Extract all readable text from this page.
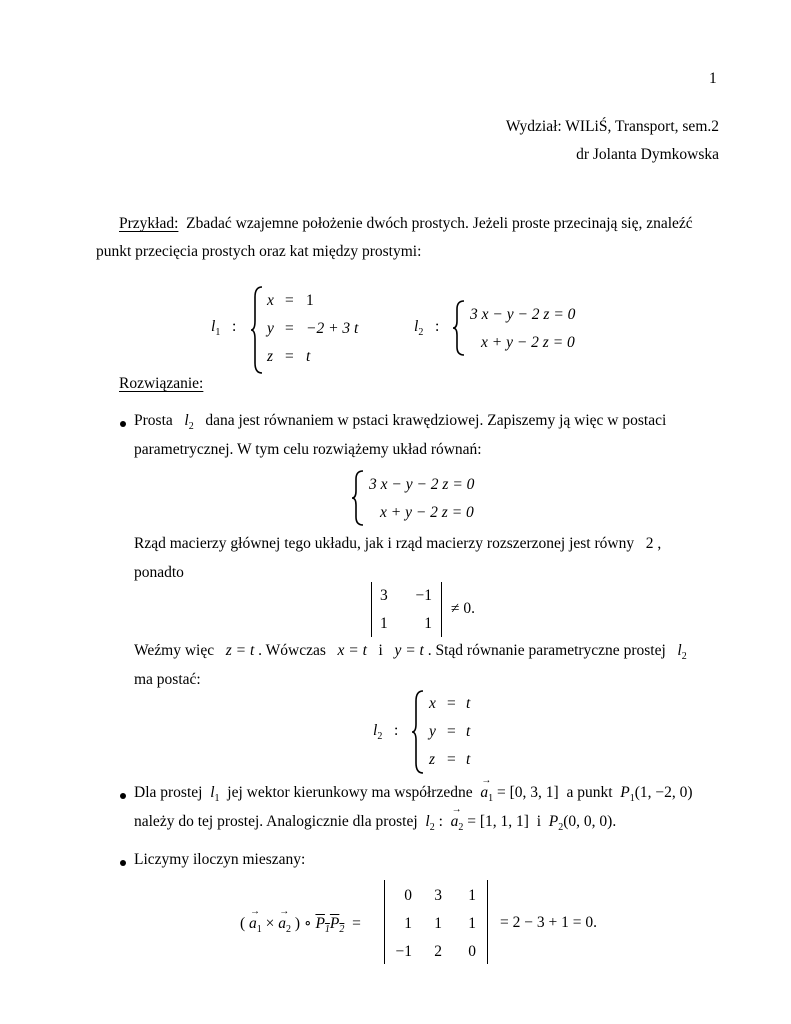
1
Wydział: WILiŚ, Transport, sem.2
dr Jolanta Dymkowska
Przykład: Zbadać wzajemne położenie dwóch prostych. Jeżeli proste przecinają się, znaleźć
punkt przecięcia prostych oraz kat między prostymi:
$l_1$ :
x = 1
y = −2 + 3 t
z = t
$l_2$ :
3 x − y − 2 z = 0
x + y − 2 z = 0
Rozwiązanie:
Prosta $l_2$ dana jest równaniem w pstaci krawędziowej. Zapiszemy ją więc w postaci
parametrycznej. W tym celu rozwiążemy układ równań:
3 x − y − 2 z = 0
x + y − 2 z = 0
Rząd macierzy głównej tego układu, jak i rząd macierzy rozszerzonej jest równy 2 ,
ponadto
3	−1
1	1
≠ 0.
Weźmy więc z = t . Wówczas x = t i y = t . Stąd równanie parametryczne prostej $l_2$
ma postać:
$l_2$ :
x = t
y = t
z = t
Dla prostej $l_1$ jej wektor kierunkowy ma współrzedne → $a_1 = [0$, 3, 1] a punkt $P_1(1$, −2, 0)
należy do tej prostej. Analogicznie dla prostej $l_2$ :  → $a_2 = [1$, 1, 1] i $P_2(0$, 0, 0).
Liczymy iloczyn mieszany:
( → $a_1$ × → $a_2$ ) ∘ $P_1P_2$  =
0	3	1
1	1	1
−1	2	0
= 2 − 3 + 1 = 0.
